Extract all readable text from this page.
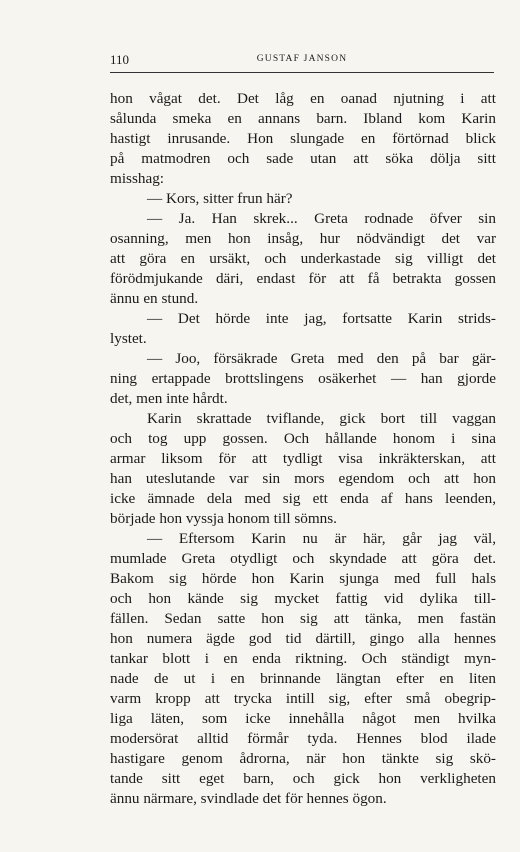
110	GUSTAF JANSON
hon vågat det. Det låg en oanad njutning i att
sålunda smeka en annans barn. Ibland kom Karin
hastigt inrusande. Hon slungade en förtörnad blick
på matmodren och sade utan att söka dölja sitt
misshag:
— Kors, sitter frun här?
— Ja. Han skrek... Greta rodnade öfver sin
osanning, men hon insåg, hur nödvändigt det var
att göra en ursäkt, och underkastade sig villigt det
förödmjukande däri, endast för att få betrakta gossen
ännu en stund.
— Det hörde inte jag, fortsatte Karin strids-
lystet.
— Joo, försäkrade Greta med den på bar gär-
ning ertappade brottslingens osäkerhet — han gjorde
det, men inte hårdt.
Karin skrattade tviflande, gick bort till vaggan
och tog upp gossen. Och hållande honom i sina
armar liksom för att tydligt visa inkräkterskan, att
han uteslutande var sin mors egendom och att hon
icke ämnade dela med sig ett enda af hans leenden,
började hon vyssja honom till sömns.
— Eftersom Karin nu är här, går jag väl,
mumlade Greta otydligt och skyndade att göra det.
Bakom sig hörde hon Karin sjunga med full hals
och hon kände sig mycket fattig vid dylika till-
fällen. Sedan satte hon sig att tänka, men fastän
hon numera ägde god tid därtill, gingo alla hennes
tankar blott i en enda riktning. Och ständigt myn-
nade de ut i en brinnande längtan efter en liten
varm kropp att trycka intill sig, efter små obegrip-
liga läten, som icke innehålla något men hvilka
modersörat alltid förmår tyda. Hennes blod ilade
hastigare genom ådrorna, när hon tänkte sig skö-
tande sitt eget barn, och gick hon verkligheten
ännu närmare, svindlade det för hennes ögon.
